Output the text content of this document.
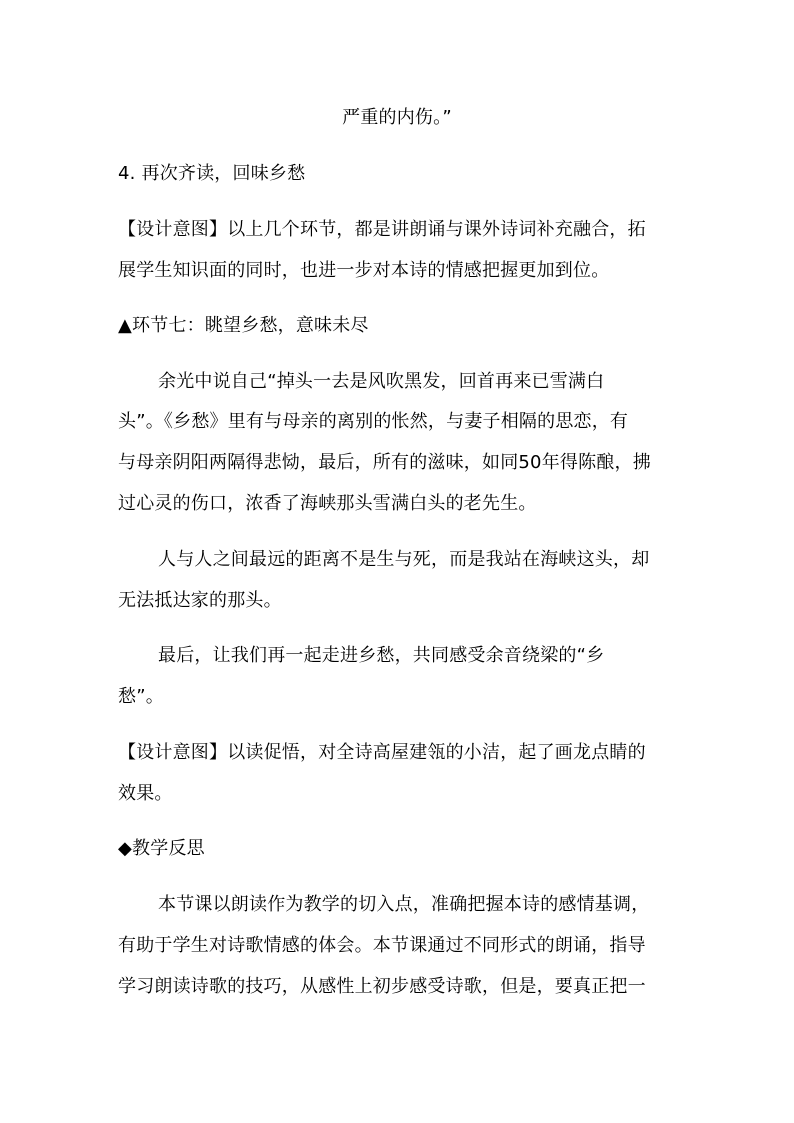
严重的内伤。”
4. 再次齐读，回味乡愁
【设计意图】以上几个环节，都是讲朗诵与课外诗词补充融合，拓
展学生知识面的同时，也进一步对本诗的情感把握更加到位。
▲环节七：眺望乡愁，意味未尽
余光中说自己“掉头一去是风吹黑发，回首再来已雪满白
头”。《乡愁》里有与母亲的离别的怅然，与妻子相隔的思恋，有
与母亲阴阳两隔得悲恸，最后，所有的滋味，如同50年得陈酿，拂
过心灵的伤口，浓香了海峡那头雪满白头的老先生。
人与人之间最远的距离不是生与死，而是我站在海峡这头，却
无法抵达家的那头。
最后，让我们再一起走进乡愁，共同感受余音绕梁的“乡
愁”。
【设计意图】以读促悟，对全诗高屋建瓴的小洁，起了画龙点睛的
效果。
◆教学反思
本节课以朗读作为教学的切入点，准确把握本诗的感情基调，
有助于学生对诗歌情感的体会。本节课通过不同形式的朗诵，指导
学习朗读诗歌的技巧，从感性上初步感受诗歌，但是，要真正把一
